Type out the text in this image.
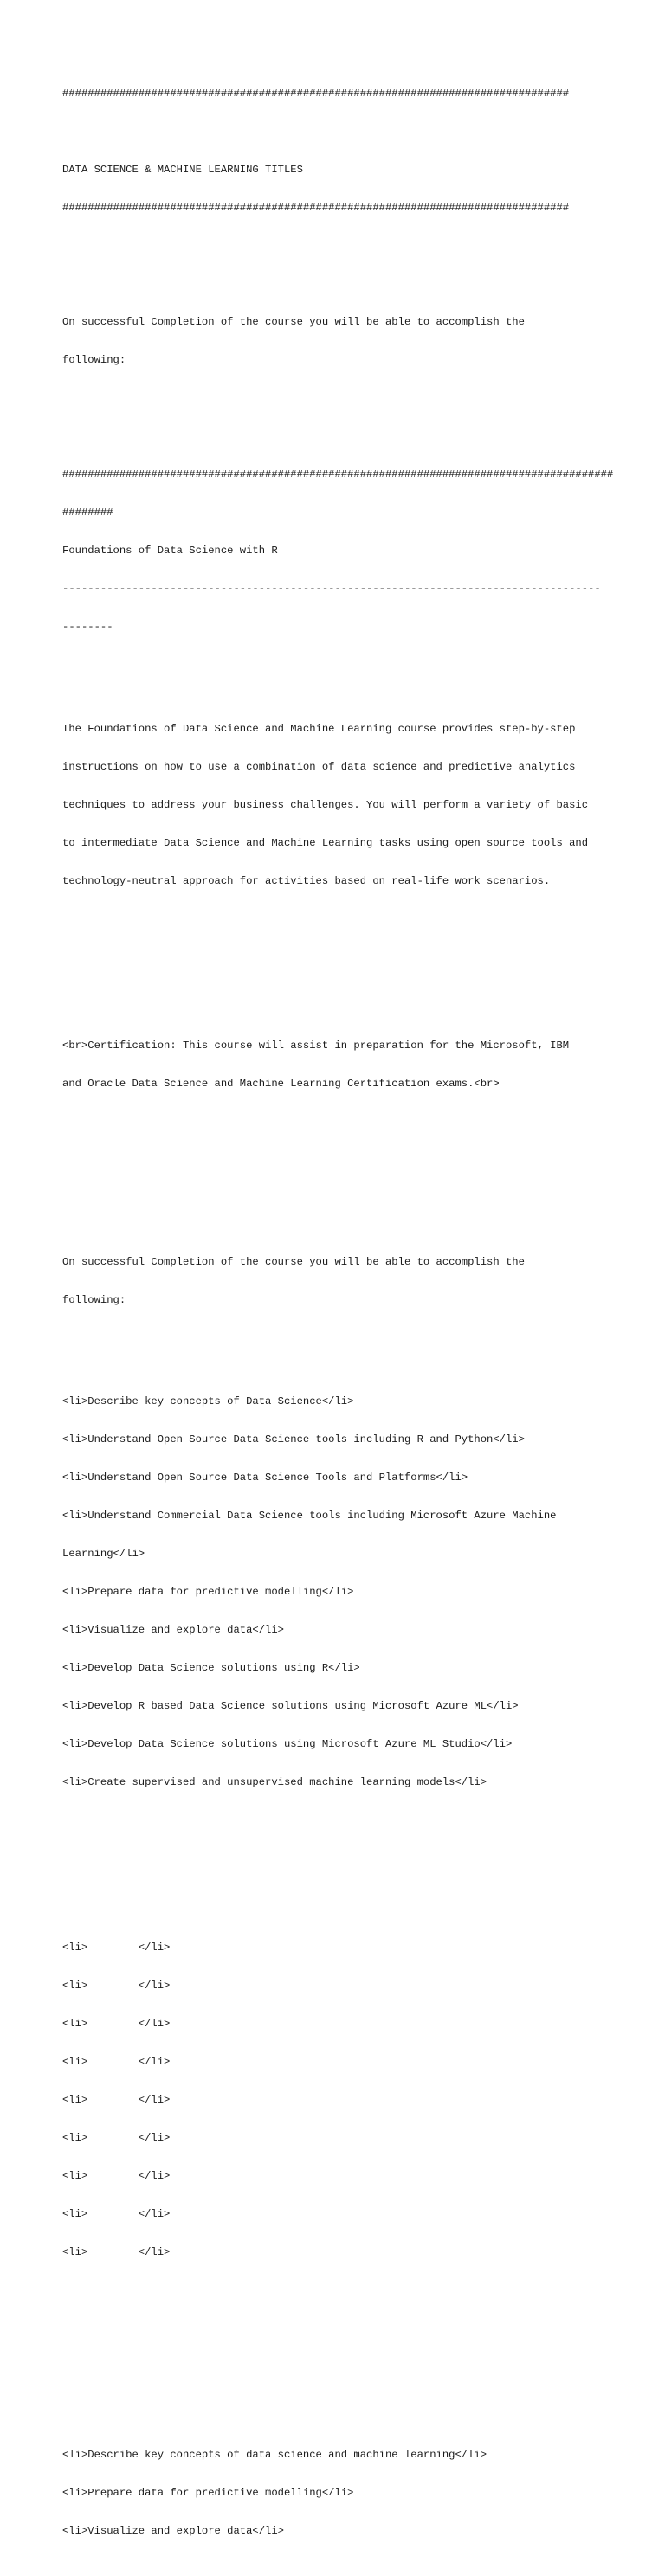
################################################################################

DATA SCIENCE & MACHINE LEARNING TITLES

################################################################################

On successful Completion of the course you will be able to accomplish the

following:

#######################################################################################

########

Foundations of Data Science with R

-------------------------------------------------------------------------------------

--------

The Foundations of Data Science and Machine Learning course provides step-by-step

instructions on how to use a combination of data science and predictive analytics

techniques to address your business challenges. You will perform a variety of basic

to intermediate Data Science and Machine Learning tasks using open source tools and

technology-neutral approach for activities based on real-life work scenarios.

<br>Certification: This course will assist in preparation for the Microsoft, IBM

and Oracle Data Science and Machine Learning Certification exams.<br>

On successful Completion of the course you will be able to accomplish the

following:

<li>Describe key concepts of Data Science</li>

<li>Understand Open Source Data Science tools including R and Python</li>

<li>Understand Open Source Data Science Tools and Platforms</li>

<li>Understand Commercial Data Science tools including Microsoft Azure Machine

Learning</li>

<li>Prepare data for predictive modelling</li>

<li>Visualize and explore data</li>

<li>Develop Data Science solutions using R</li>

<li>Develop R based Data Science solutions using Microsoft Azure ML</li>

<li>Develop Data Science solutions using Microsoft Azure ML Studio</li>

<li>Create supervised and unsupervised machine learning models</li>

<li>        </li>

<li>        </li>

<li>        </li>

<li>        </li>

<li>        </li>

<li>        </li>

<li>        </li>

<li>        </li>

<li>        </li>

<li>Describe key concepts of data science and machine learning</li>

<li>Prepare data for predictive modelling</li>

<li>Visualize and explore data</li>
